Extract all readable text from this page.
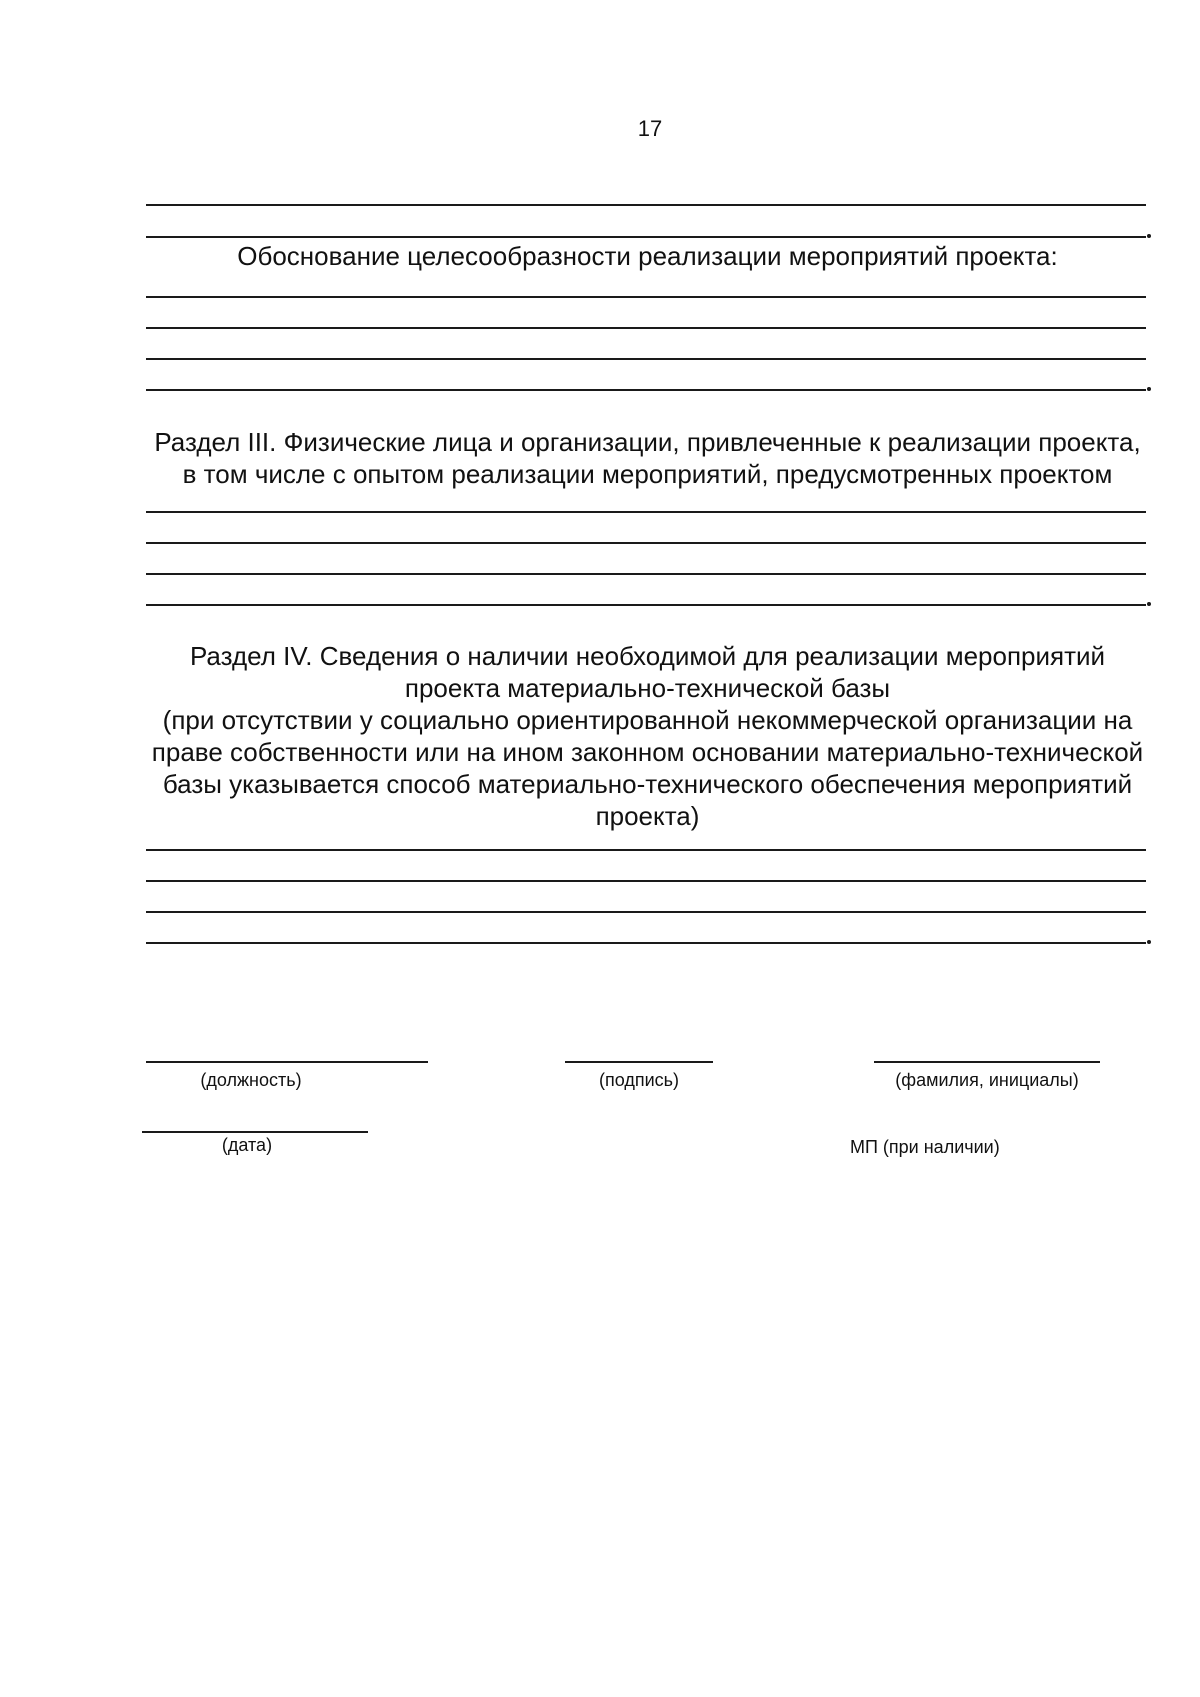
17
Обоснование целесообразности реализации мероприятий проекта:
Раздел III. Физические лица и организации, привлеченные к реализации проекта,
в том числе с опытом реализации мероприятий, предусмотренных проектом
Раздел IV. Сведения о наличии необходимой для реализации мероприятий
проекта материально-технической базы
(при отсутствии у социально ориентированной некоммерческой организации на
праве собственности или на ином законном основании материально-технической
базы указывается способ материально-технического обеспечения мероприятий
проекта)
(должность)	(подпись)	(фамилия, инициалы)
(дата)	МП (при наличии)
